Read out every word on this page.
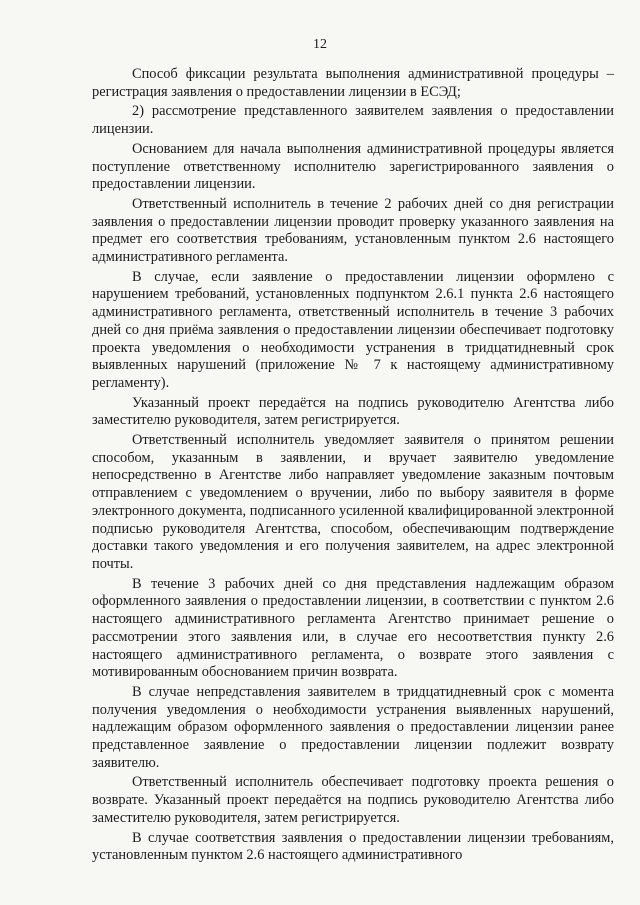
12

Способ фиксации результата выполнения административной процедуры – регистрация заявления о предоставлении лицензии в ЕСЭД;

2) рассмотрение представленного заявителем заявления о предоставлении лицензии.

Основанием для начала выполнения административной процедуры является поступление ответственному исполнителю зарегистрированного заявления о предоставлении лицензии.

Ответственный исполнитель в течение 2 рабочих дней со дня регистрации заявления о предоставлении лицензии проводит проверку указанного заявления на предмет его соответствия требованиям, установленным пунктом 2.6 настоящего административного регламента.

В случае, если заявление о предоставлении лицензии оформлено с нарушением требований, установленных подпунктом 2.6.1 пункта 2.6 настоящего административного регламента, ответственный исполнитель в течение 3 рабочих дней со дня приёма заявления о предоставлении лицензии обеспечивает подготовку проекта уведомления о необходимости устранения в тридцатидневный срок выявленных нарушений (приложение № 7 к настоящему административному регламенту).

Указанный проект передаётся на подпись руководителю Агентства либо заместителю руководителя, затем регистрируется.

Ответственный исполнитель уведомляет заявителя о принятом решении способом, указанным в заявлении, и вручает заявителю уведомление непосредственно в Агентстве либо направляет уведомление заказным почтовым отправлением с уведомлением о вручении, либо по выбору заявителя в форме электронного документа, подписанного усиленной квалифицированной электронной подписью руководителя Агентства, способом, обеспечивающим подтверждение доставки такого уведомления и его получения заявителем, на адрес электронной почты.

В течение 3 рабочих дней со дня представления надлежащим образом оформленного заявления о предоставлении лицензии, в соответствии с пунктом 2.6 настоящего административного регламента Агентство принимает решение о рассмотрении этого заявления или, в случае его несоответствия пункту 2.6 настоящего административного регламента, о возврате этого заявления с мотивированным обоснованием причин возврата.

В случае непредставления заявителем в тридцатидневный срок с момента получения уведомления о необходимости устранения выявленных нарушений, надлежащим образом оформленного заявления о предоставлении лицензии ранее представленное заявление о предоставлении лицензии подлежит возврату заявителю.

Ответственный исполнитель обеспечивает подготовку проекта решения о возврате. Указанный проект передаётся на подпись руководителю Агентства либо заместителю руководителя, затем регистрируется.

В случае соответствия заявления о предоставлении лицензии требованиям, установленным пунктом 2.6 настоящего административного
